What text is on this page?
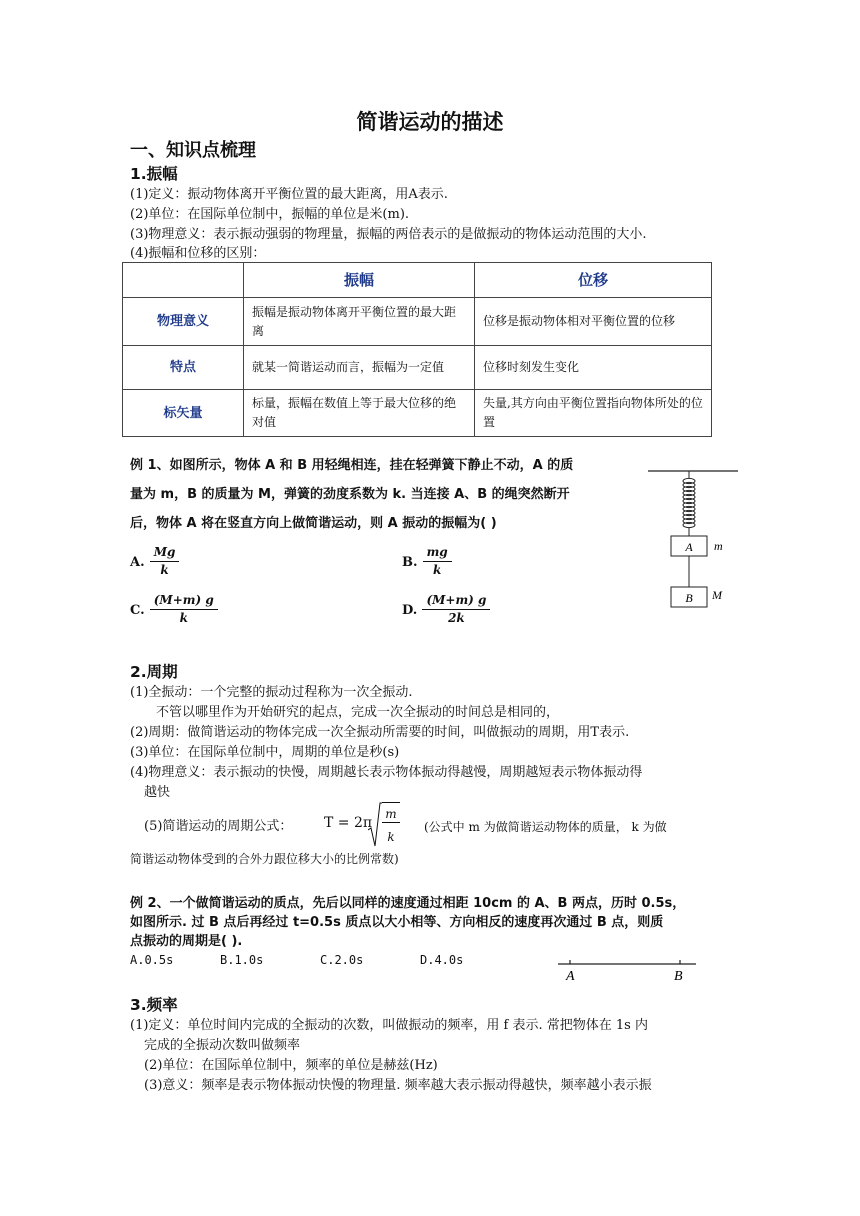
简谐运动的描述
一、知识点梳理
1.振幅
(1)定义：振动物体离开平衡位置的最大距离，用A表示.
(2)单位：在国际单位制中，振幅的单位是米(m).
(3)物理意义：表示振动强弱的物理量，振幅的两倍表示的是做振动的物体运动范围的大小.
(4)振幅和位移的区别：
	振幅	位移
物理意义	振幅是振动物体离开平衡位置的最大距离	位移是振动物体相对平衡位置的位移
特点	就某一简谐运动而言，振幅为一定值	位移时刻发生变化
标矢量	标量，振幅在数值上等于最大位移的绝对值	失量,其方向由平衡位置指向物体所处的位置
例 1、如图所示，物体 A 和 B 用轻绳相连，挂在轻弹簧下静止不动，A 的质
量为 m，B 的质量为 M，弹簧的劲度系数为 k. 当连接 A、B 的绳突然断开
后，物体 A 将在竖直方向上做简谐运动，则 A 振动的振幅为( )
A. $\frac{Mg}{k}$	B. $\frac{mg}{k}$
C. $\frac{(M+m) g}{k}$	D. $\frac{(M+m) g}{2k}$
A m
B M
2.周期
(1)全振动：一个完整的振动过程称为一次全振动.
不管以哪里作为开始研究的起点，完成一次全振动的时间总是相同的，
(2)周期：做简谐运动的物体完成一次全振动所需要的时间，叫做振动的周期，用T表示.
(3)单位：在国际单位制中，周期的单位是秒(s)
(4)物理意义：表示振动的快慢，周期越长表示物体振动得越慢，周期越短表示物体振动得
越快
(5)简谐运动的周期公式： T = 2π
m
k
(公式中 m 为做简谐运动物体的质量， k 为做
简谐运动物体受到的合外力跟位移大小的比例常数)
例 2、一个做简谐运动的质点，先后以同样的速度通过相距 10cm 的 A、B 两点，历时 0.5s，
如图所示. 过 B 点后再经过 t=0.5s 质点以大小相等、方向相反的速度再次通过 B 点，则质
点振动的周期是( ).
A.0.5s	B.1.0s	C.2.0s	D.4.0s
A	B
3.频率
(1)定义：单位时间内完成的全振动的次数，叫做振动的频率，用 f 表示. 常把物体在 1s 内
完成的全振动次数叫做频率
(2)单位：在国际单位制中，频率的单位是赫兹(Hz)
(3)意义：频率是表示物体振动快慢的物理量. 频率越大表示振动得越快，频率越小表示振
